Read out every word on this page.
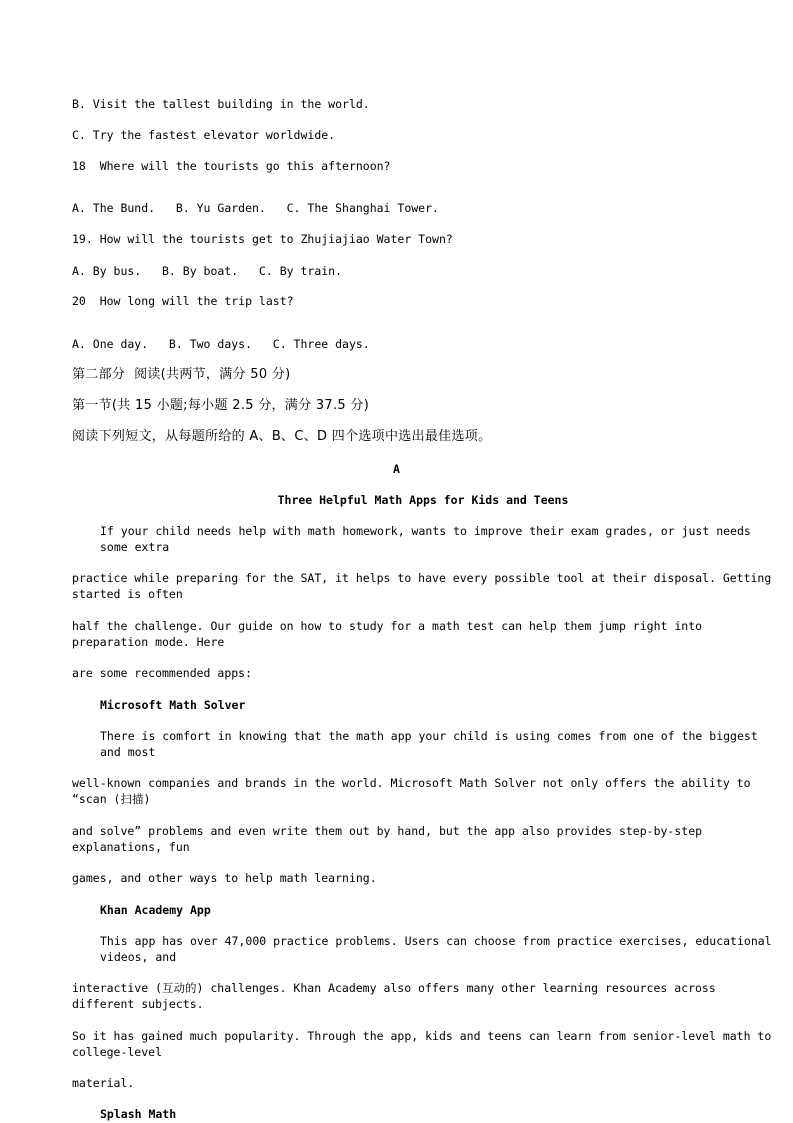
B. Visit the tallest building in the world.

C. Try the fastest elevator worldwide.

18  Where will the tourists go this afternoon?

A. The Bund.   B. Yu Garden.   C. The Shanghai Tower.

19. How will the tourists get to Zhujiajiao Water Town?

A. By bus.   B. By boat.   C. By train.

20  How long will the trip last?

A. One day.   B. Two days.   C. Three days.

第二部分  阅读(共两节，满分 50 分)

第一节(共 15 小题;每小题 2.5 分，满分 37.5 分)

阅读下列短文，从每题所给的 A、B、C、D 四个选项中选出最佳选项。

A

Three Helpful Math Apps for Kids and Teens

If your child needs help with math homework, wants to improve their exam grades, or just needs some extra

practice while preparing for the SAT, it helps to have every possible tool at their disposal. Getting started is often

half the challenge. Our guide on how to study for a math test can help them jump right into preparation mode. Here

are some recommended apps:

Microsoft Math Solver

There is comfort in knowing that the math app your child is using comes from one of the biggest and most

well-known companies and brands in the world. Microsoft Math Solver not only offers the ability to “scan (扫描)

and solve” problems and even write them out by hand, but the app also provides step-by-step explanations, fun

games, and other ways to help math learning.

Khan Academy App

This app has over 47,000 practice problems. Users can choose from practice exercises, educational videos, and

interactive (互动的) challenges. Khan Academy also offers many other learning resources across different subjects.

So it has gained much popularity. Through the app, kids and teens can learn from senior-level math to college-level

material.

Splash Math
